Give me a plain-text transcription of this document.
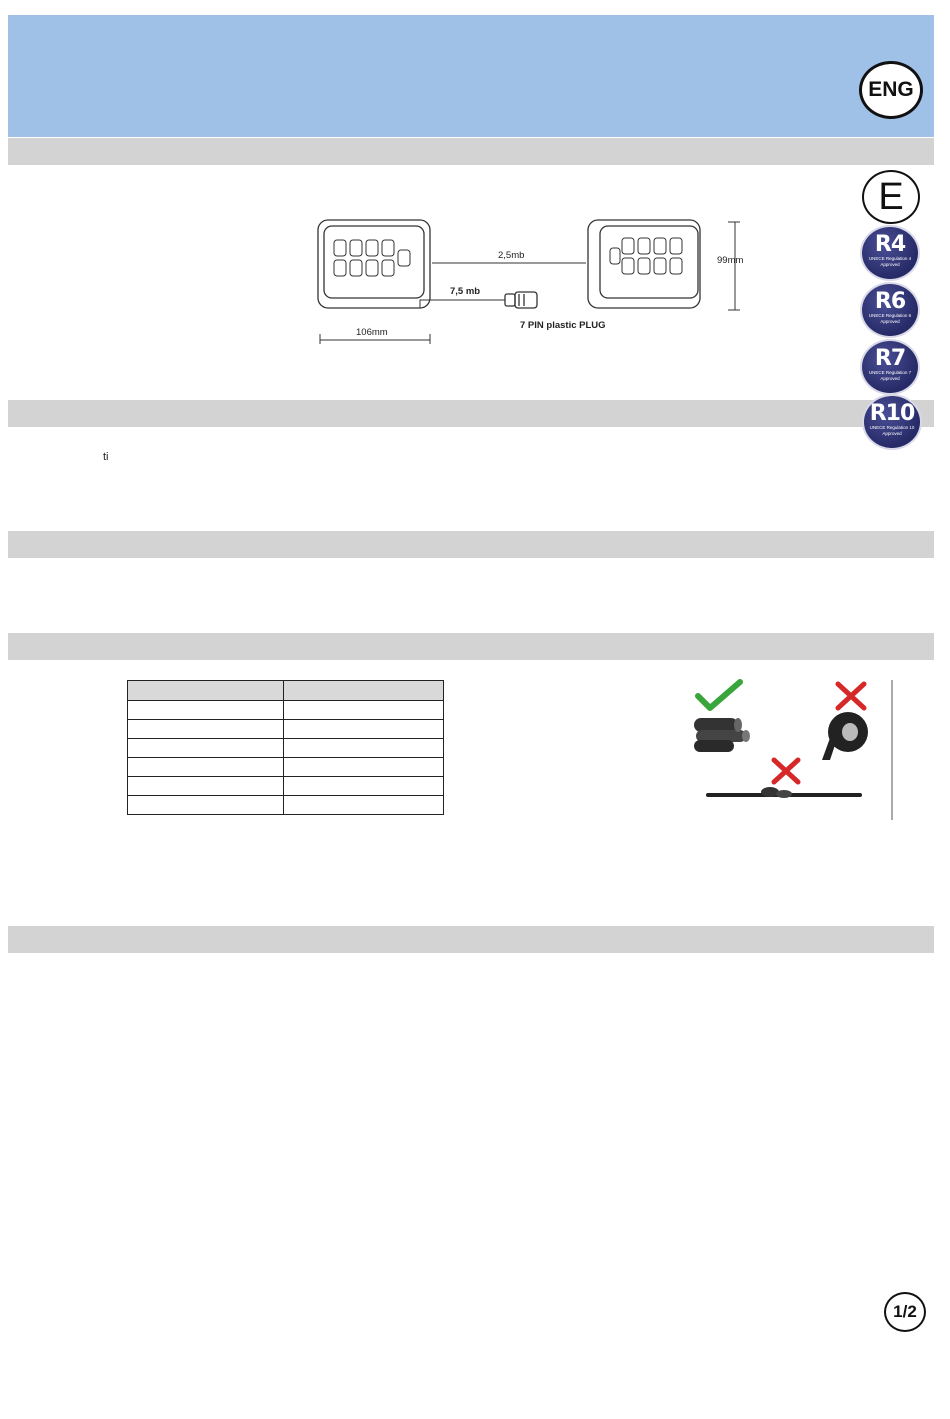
ENG
E
R4
UNECE Regulation 4 Approved
R6
UNECE Regulation 6 Approved
R7
UNECE Regulation 7 Approved
R10
UNECE Regulation 10 Approved
2,5mb
7,5 mb
7 PIN plastic PLUG
106mm
99mm
ti

1/2
